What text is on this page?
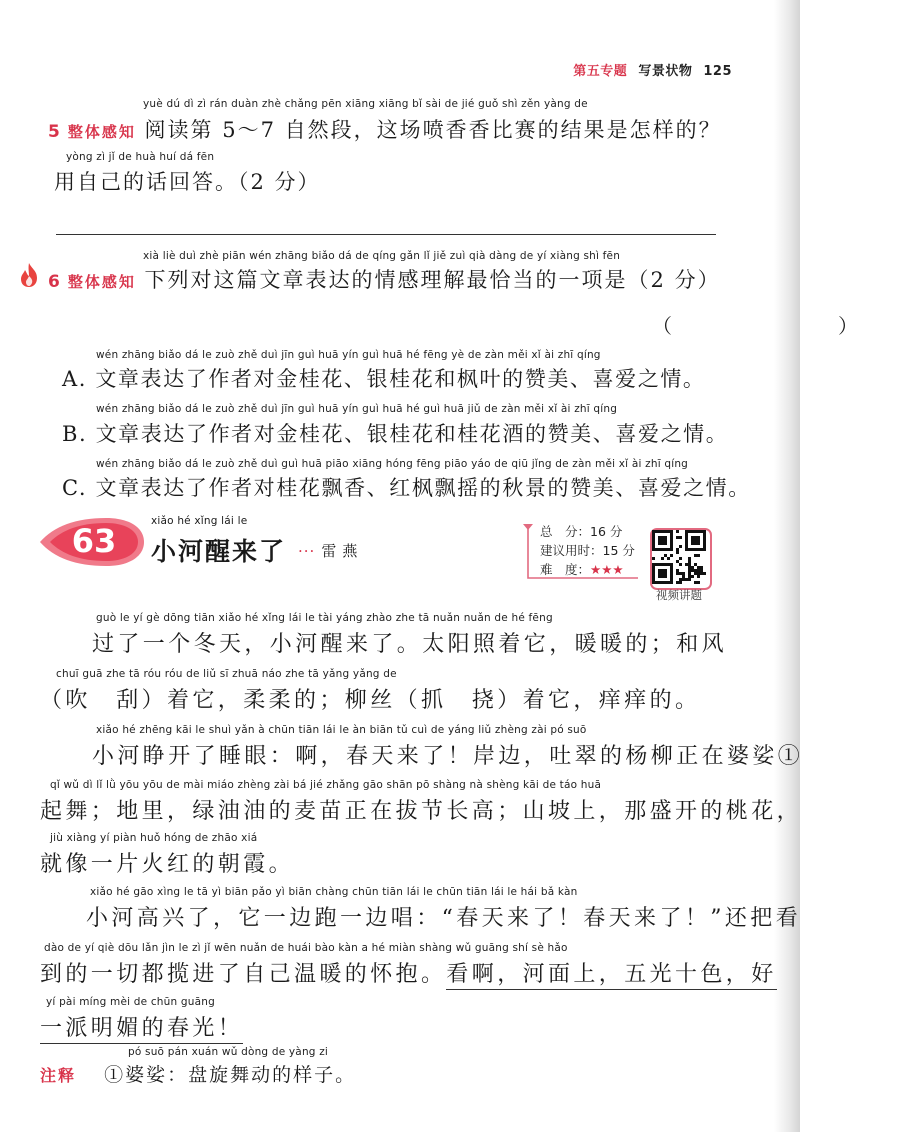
第五专题 写景状物 125
yuè dú dì zì rán duàn zhè chǎng pēn xiāng xiāng bǐ sài de jié guǒ shì zěn yàng de
5 整体感知 阅读第 5～7 自然段，这场喷香香比赛的结果是怎样的？
yòng zì jǐ de huà huí dá fēn
用自己的话回答。（2 分）
xià liè duì zhè piān wén zhāng biǎo dá de qíng gǎn lǐ jiě zuì qià dàng de yí xiàng shì fēn
6 整体感知 下列对这篇文章表达的情感理解最恰当的一项是（2 分）
（　　）
wén zhāng biǎo dá le zuò zhě duì jīn guì huā yín guì huā hé fēng yè de zàn měi xǐ ài zhī qíng
A. 文章表达了作者对金桂花、银桂花和枫叶的赞美、喜爱之情。
wén zhāng biǎo dá le zuò zhě duì jīn guì huā yín guì huā hé guì huā jiǔ de zàn měi xǐ ài zhī qíng
B. 文章表达了作者对金桂花、银桂花和桂花酒的赞美、喜爱之情。
wén zhāng biǎo dá le zuò zhě duì guì huā piāo xiāng hóng fēng piāo yáo de qiū jǐng de zàn měi xǐ ài zhī qíng
C. 文章表达了作者对桂花飘香、红枫飘摇的秋景的赞美、喜爱之情。
63
xiǎo hé xǐng lái le
小河醒来了 ··· 雷燕
总　分：16 分
建议用时：15 分
难　度：★★★
视频讲题
guò le yí gè dōng tiān xiǎo hé xǐng lái le tài yáng zhào zhe tā nuǎn nuǎn de hé fēng
过了一个冬天，小河醒来了。太阳照着它，暖暖的；和风
chuī guā zhe tā róu róu de liǔ sī zhuā náo zhe tā yǎng yǎng de
（吹　刮）着它，柔柔的；柳丝（抓　挠）着它，痒痒的。
xiǎo hé zhēng kāi le shuì yǎn à chūn tiān lái le àn biān tǔ cuì de yáng liǔ zhèng zài pó suō
小河睁开了睡眼：啊，春天来了！岸边，吐翠的杨柳正在婆娑①
qǐ wǔ dì lǐ lǜ yōu yōu de mài miáo zhèng zài bá jié zhǎng gāo shān pō shàng nà shèng kāi de táo huā
起舞；地里，绿油油的麦苗正在拔节长高；山坡上，那盛开的桃花，
jiù xiàng yí piàn huǒ hóng de zhāo xiá
就像一片火红的朝霞。
xiǎo hé gāo xìng le tā yì biān pǎo yì biān chàng chūn tiān lái le chūn tiān lái le hái bǎ kàn
小河高兴了，它一边跑一边唱：“春天来了！春天来了！”还把看
dào de yí qiè dōu lǎn jìn le zì jǐ wēn nuǎn de huái bào kàn a hé miàn shàng wǔ guāng shí sè hǎo
到的一切都揽进了自己温暖的怀抱。看啊，河面上，五光十色，好
yí pài míng mèi de chūn guāng
一派明媚的春光！
pó suō pán xuán wǔ dòng de yàng zi
注释 ①婆娑：盘旋舞动的样子。
